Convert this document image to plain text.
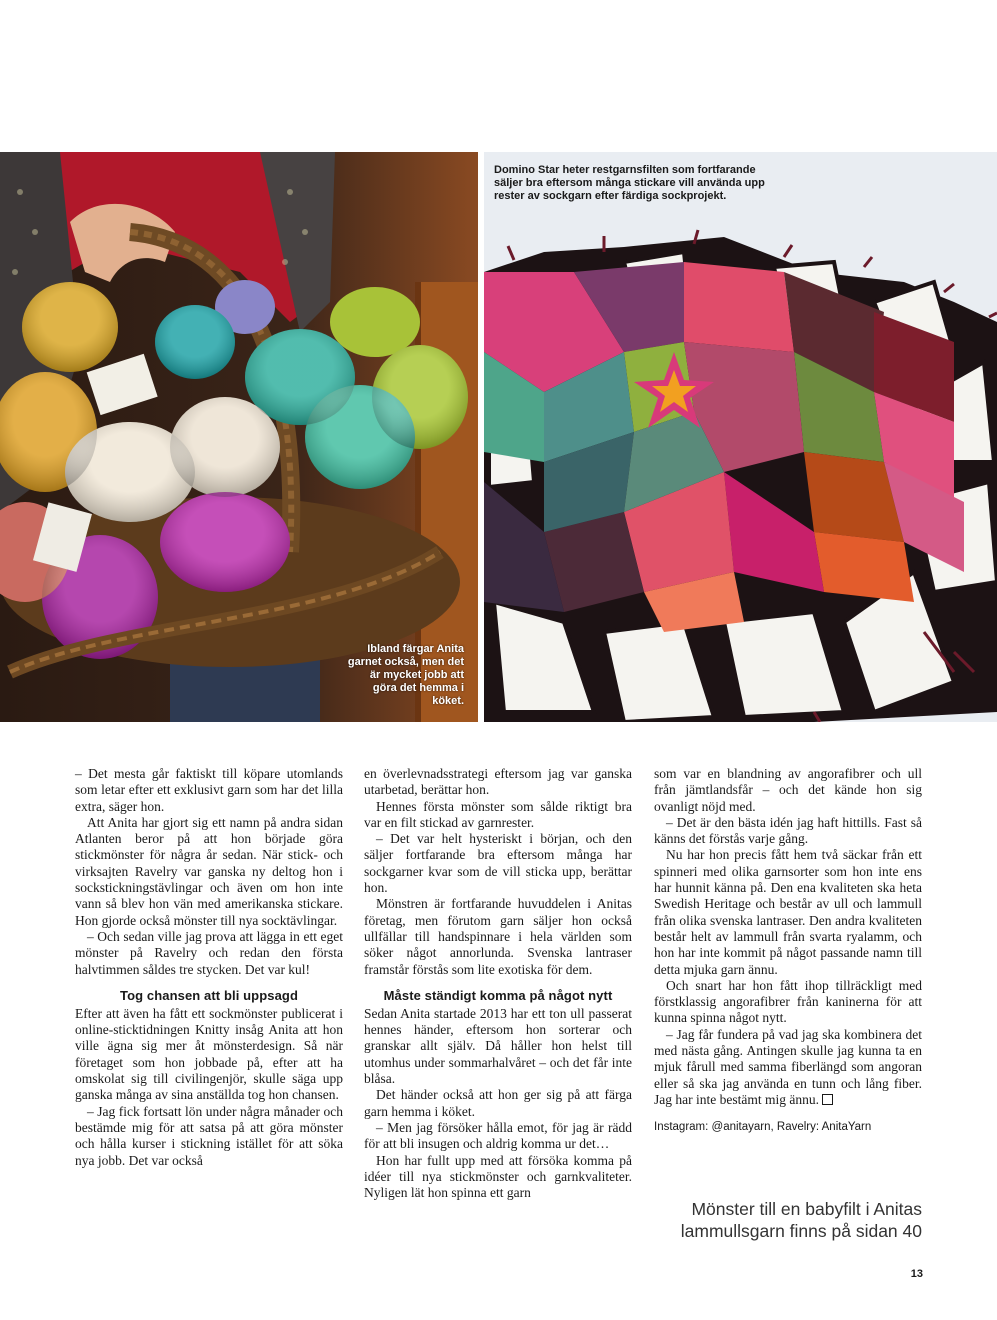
Ibland färgar Anita garnet också, men det är mycket jobb att göra det hemma i köket.
Domino Star heter restgarnsfilten som fortfarande säljer bra eftersom många stickare vill använda upp rester av sockgarn efter färdiga sockprojekt.

– Det mesta går faktiskt till köpare utomlands som letar efter ett exklusivt garn som har det lilla extra, säger hon.

Att Anita har gjort sig ett namn på andra sidan Atlanten beror på att hon började göra stickmönster för några år sedan. När stick- och virksajten Ravelry var ganska ny deltog hon i sockstickningstävlingar och även om hon inte vann så blev hon vän med amerikanska stickare. Hon gjorde också mönster till nya socktävlingar.

– Och sedan ville jag prova att lägga in ett eget mönster på Ravelry och redan den första halvtimmen såldes tre stycken. Det var kul!

Tog chansen att bli uppsagd

Efter att även ha fått ett sockmönster publicerat i online-sticktidningen Knitty insåg Anita att hon ville ägna sig mer åt mönsterdesign. Så när företaget som hon jobbade på, efter att ha omskolat sig till civilingenjör, skulle säga upp ganska många av sina anställda tog hon chansen.

– Jag fick fortsatt lön under några månader och bestämde mig för att satsa på att göra mönster och hålla kurser i stickning istället för att söka nya jobb. Det var också

en överlevnadsstrategi eftersom jag var ganska utarbetad, berättar hon.

Hennes första mönster som sålde riktigt bra var en filt stickad av garnrester.

– Det var helt hysteriskt i början, och den säljer fortfarande bra eftersom många har sockgarner kvar som de vill sticka upp, berättar hon.

Mönstren är fortfarande huvuddelen i Anitas företag, men förutom garn säljer hon också ullfällar till handspinnare i hela världen som söker något annorlunda. Svenska lantraser framstår förstås som lite exotiska för dem.

Måste ständigt komma på något nytt

Sedan Anita startade 2013 har ett ton ull passerat hennes händer, eftersom hon sorterar och granskar allt själv. Då håller hon helst till utomhus under sommarhalvåret – och det får inte blåsa.

Det händer också att hon ger sig på att färga garn hemma i köket.

– Men jag försöker hålla emot, för jag är rädd för att bli insugen och aldrig komma ur det…

Hon har fullt upp med att försöka komma på idéer till nya stickmönster och garnkvaliteter. Nyligen lät hon spinna ett garn

som var en blandning av angorafibrer och ull från jämtlandsfår – och det kände hon sig ovanligt nöjd med.

– Det är den bästa idén jag haft hittills. Fast så känns det förstås varje gång.

Nu har hon precis fått hem två säckar från ett spinneri med olika garnsorter som hon inte ens har hunnit känna på. Den ena kvaliteten ska heta Swedish Heritage och består av ull och lammull från olika svenska lantraser. Den andra kvaliteten består helt av lammull från svarta ryalamm, och hon har inte kommit på något passande namn till detta mjuka garn ännu.

Och snart har hon fått ihop tillräckligt med förstklassig angorafibrer från kaninerna för att kunna spinna något nytt.

– Jag får fundera på vad jag ska kombinera det med nästa gång. Antingen skulle jag kunna ta en mjuk fårull med samma fiberlängd som angoran eller så ska jag använda en tunn och lång fiber. Jag har inte bestämt mig ännu.

Instagram: @anitayarn, Ravelry: AnitaYarn
Mönster till en babyfilt i Anitas lammullsgarn finns på sidan 40
13
